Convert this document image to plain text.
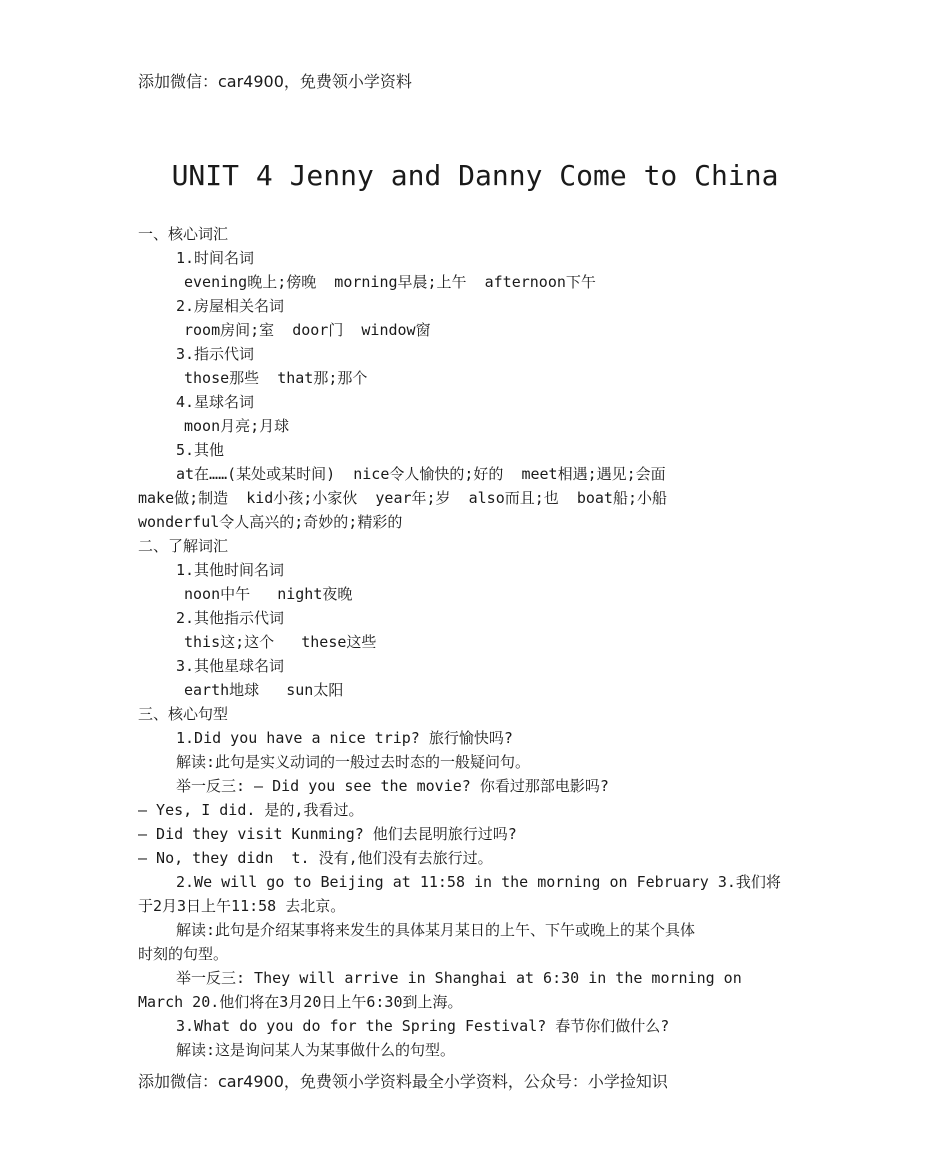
添加微信：car4900，免费领小学资料
UNIT 4 Jenny and Danny Come to China
一、核心词汇
1.时间名词
evening晚上;傍晚  morning早晨;上午  afternoon下午
2.房屋相关名词
room房间;室  door门  window窗
3.指示代词
those那些  that那;那个
4.星球名词
moon月亮;月球
5.其他
at在……(某处或某时间)  nice令人愉快的;好的  meet相遇;遇见;会面
make做;制造  kid小孩;小家伙  year年;岁  also而且;也  boat船;小船
wonderful令人高兴的;奇妙的;精彩的
二、了解词汇
1.其他时间名词
noon中午   night夜晚
2.其他指示代词
this这;这个   these这些
3.其他星球名词
earth地球   sun太阳
三、核心句型
1.Did you have a nice trip? 旅行愉快吗?
解读:此句是实义动词的一般过去时态的一般疑问句。
举一反三: — Did you see the movie? 你看过那部电影吗?
— Yes, I did. 是的,我看过。
— Did they visit Kunming? 他们去昆明旅行过吗?
— No, they didn  t. 没有,他们没有去旅行过。
2.We will go to Beijing at 11:58 in the morning on February 3.我们将
于2月3日上午11:58 去北京。
解读:此句是介绍某事将来发生的具体某月某日的上午、下午或晚上的某个具体
时刻的句型。
举一反三: They will arrive in Shanghai at 6:30 in the morning on
March 20.他们将在3月20日上午6:30到上海。
3.What do you do for the Spring Festival? 春节你们做什么?
解读:这是询问某人为某事做什么的句型。
添加微信：car4900，免费领小学资料最全小学资料，公众号：小学捡知识
